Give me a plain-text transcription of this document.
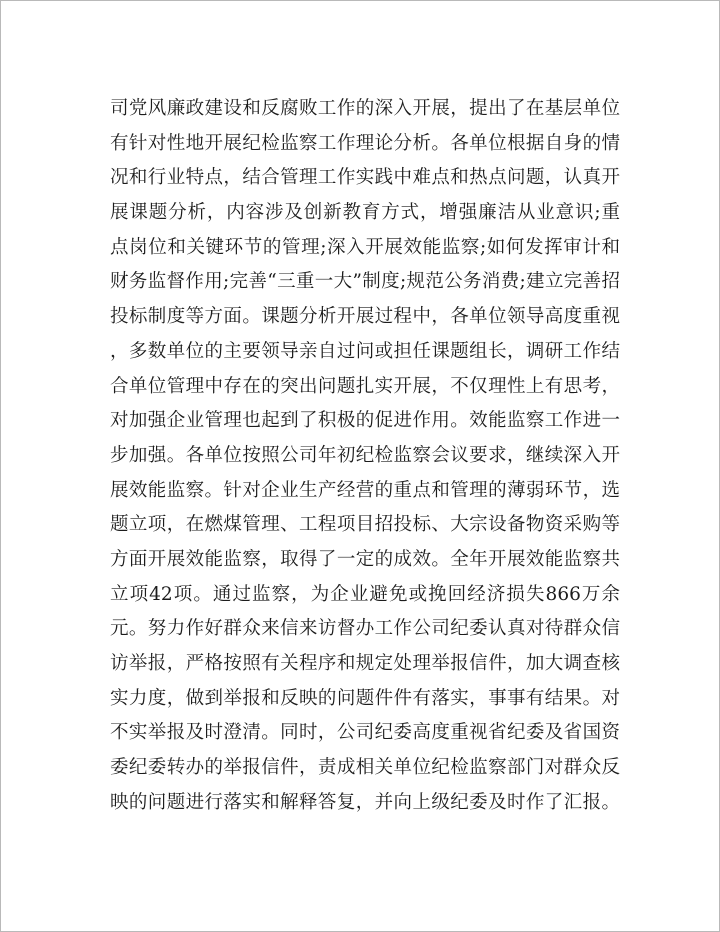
司党风廉政建设和反腐败工作的深入开展，提出了在基层单位
有针对性地开展纪检监察工作理论分析。各单位根据自身的情
况和行业特点，结合管理工作实践中难点和热点问题，认真开
展课题分析，内容涉及创新教育方式，增强廉洁从业意识;重
点岗位和关键环节的管理;深入开展效能监察;如何发挥审计和
财务监督作用;完善“三重一大”制度;规范公务消费;建立完善招
投标制度等方面。课题分析开展过程中，各单位领导高度重视
，多数单位的主要领导亲自过问或担任课题组长，调研工作结
合单位管理中存在的突出问题扎实开展，不仅理性上有思考，
对加强企业管理也起到了积极的促进作用。效能监察工作进一
步加强。各单位按照公司年初纪检监察会议要求，继续深入开
展效能监察。针对企业生产经营的重点和管理的薄弱环节，选
题立项，在燃煤管理、工程项目招投标、大宗设备物资采购等
方面开展效能监察，取得了一定的成效。全年开展效能监察共
立项42项。通过监察，为企业避免或挽回经济损失866万余
元。努力作好群众来信来访督办工作公司纪委认真对待群众信
访举报，严格按照有关程序和规定处理举报信件，加大调查核
实力度，做到举报和反映的问题件件有落实，事事有结果。对
不实举报及时澄清。同时，公司纪委高度重视省纪委及省国资
委纪委转办的举报信件，责成相关单位纪检监察部门对群众反
映的问题进行落实和解释答复，并向上级纪委及时作了汇报。
